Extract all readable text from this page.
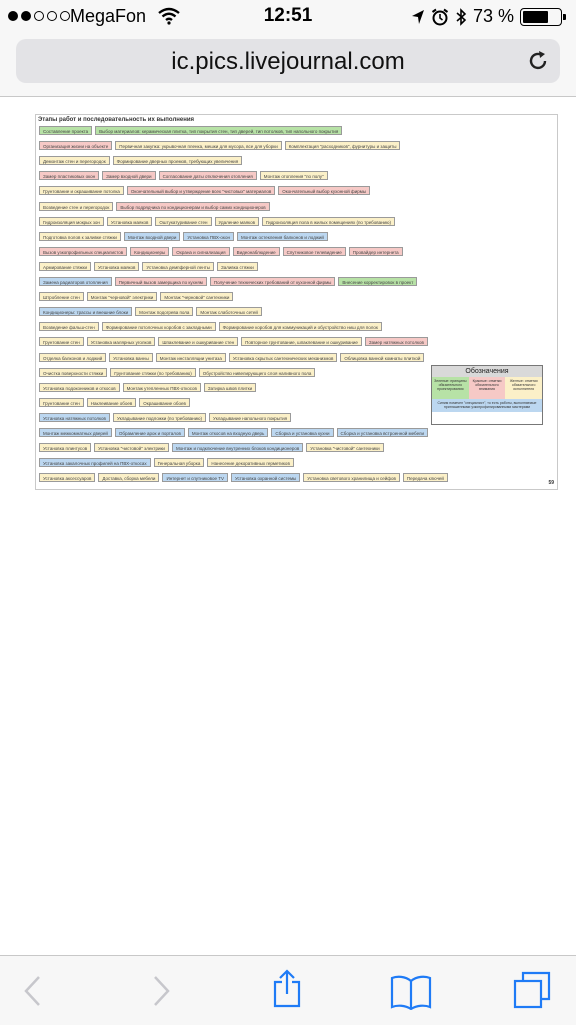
MegaFon	12:51	73 %
ic.pics.livejournal.com
Этапы работ и последовательность их выполнения
Составление проекта	Выбор материалов: керамическая плитка, тип покрытия стен, тип дверей, тип потолков, тип напольного покрытия
Организация жизни на объекте	Первичная закупка: укрывочная пленка, мешки для мусора, все для уборки	Комплектация "расходников", фурнитуры и защиты
Демонтаж стен и перегородок	Формирование дверных проемов, требующих увеличения
Замер пластиковых окон	Замер входной двери	Согласование даты отключения отопления	Монтаж отопления "по полу"
Грунтование и окрашивание потолка	Окончательный выбор и утверждение всех "чистовых" материалов	Окончательный выбор кухонной фирмы
Возведение стен и перегородок	Выбор подрядчика по кондиционерам и выбор самих кондиционеров
Гидроизоляция мокрых зон	Установка маяков	Оштукатуривание стен	Удаление маяков	Гидроизоляция пола в жилых помещениях (по требованию)
Подготовка полов к заливке стяжки	Монтаж входной двери	Установка ПВХ-окон	Монтаж остекления балконов и лоджий
Вызов узкопрофильных специалистов	Кондиционеры	Охрана и сигнализация	Видеонаблюдение	Спутниковое телевидение	Провайдер интернета
Армирование стяжки	Установка маяков	Установка демпферной ленты	Заливка стяжки
Замена радиаторов отопления	Первичный вызов замерщика по кухням	Получение технических требований от кухонной фирмы	Внесение корректировок в проект
Штробление стен	Монтаж "черновой" электрики	Монтаж "черновой" сантехники
Кондиционеры: трассы и внешние блоки	Монтаж подогрева пола	Монтаж слаботочных сетей
Возведение фальш-стен	Формирование потолочных коробов с закладными	Формирование коробов для коммуникаций и обустройство ниш для полок
Грунтование стен	Установка малярных уголков	Шпаклевание и ошкуривание стен	Повторное грунтование, шпаклевание и ошкуривание	Замер натяжных потолков
Отделка балконов и лоджий	Установка ванны	Монтаж инсталляции унитаза	Установка скрытых сантехнических механизмов	Облицовка ванной комнаты плиткой
Очистка поверхности стяжки	Грунтование стяжки (по требованию)	Обустройство нивелирующего слоя наливного пола
Установка подоконников и откосов	Монтаж утепленных ПВХ-откосов	Затирка швов плитки
Грунтование стен	Наклеивание обоев	Окрашивание обоев
Установка натяжных потолков	Укладывание подложки (по требованию)	Укладывание напольного покрытия
Монтаж межкомнатных дверей	Обрамление арок и порталов	Монтаж откосов на входную дверь	Сборка и установка кухни	Сборка и установка встроенной мебели
Установка плинтусов	Установка "чистовой" электрики	Монтаж и подключение внутренних блоков кондиционеров	Установка "чистовой" сантехники
Установка закалочных профилей на ПВХ-откосах	Генеральная уборка	Нанесение декоративных герметиков
Установка аксессуаров	Доставка, сборка мебели	Интернет и спутниковое TV	Установка охранной системы	Установка светового хранилища и сейфов	Передача ключей
Обозначения
Зеленые: принципы обязательного проектирования
Красные: отметки обязательного внимания
Желтые: отметки обязательного исполнителя
Синим помечен "специалист", то есть работы, выполняемые приглашенными узкопрофилированными мастерами
59
